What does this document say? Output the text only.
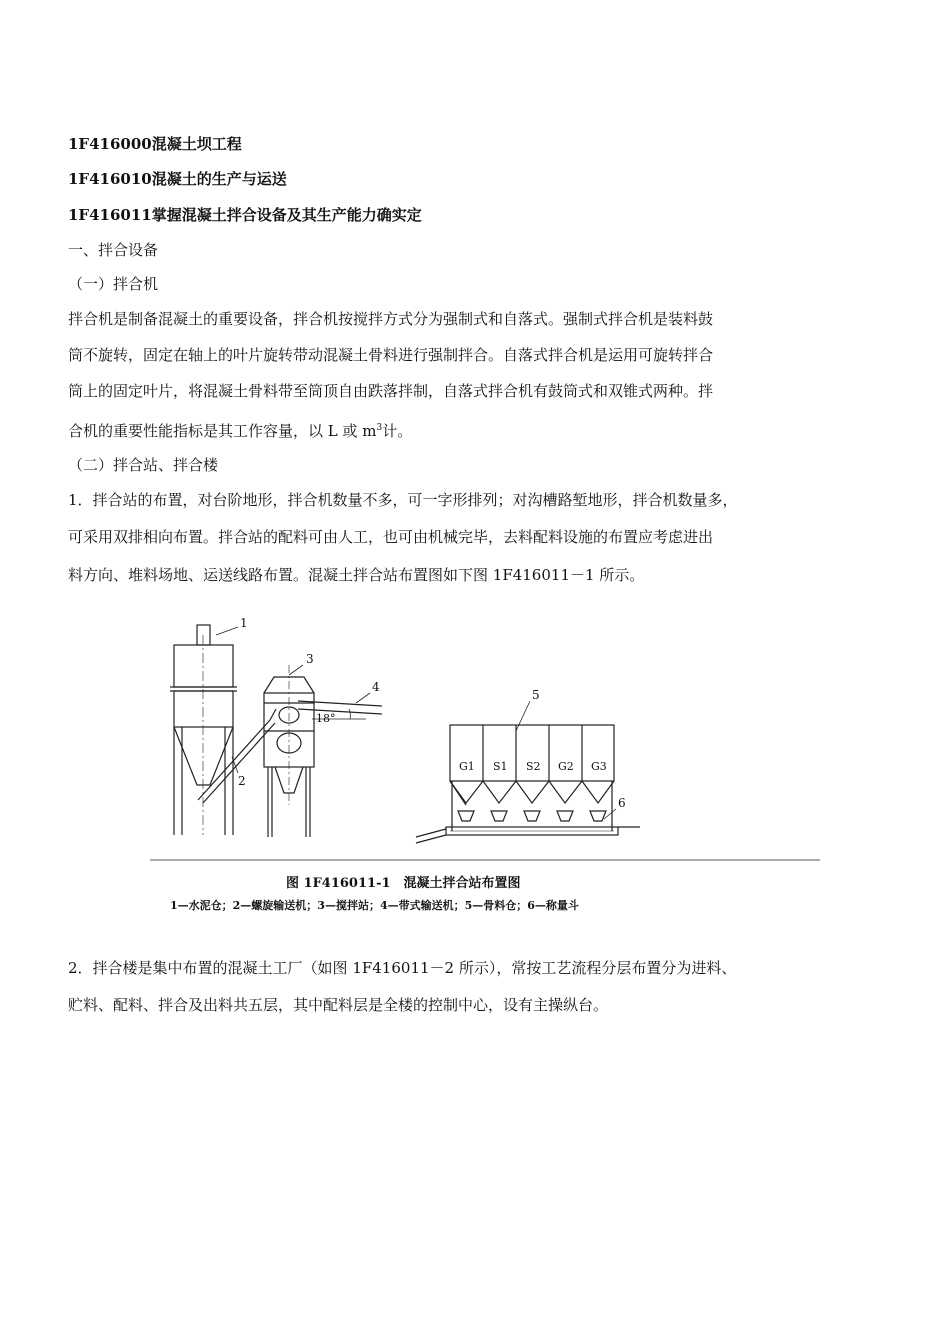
1F416000混凝土坝工程
1F416010混凝土的生产与运送
1F416011掌握混凝土拌合设备及其生产能力确实定
一、拌合设备
（一）拌合机
拌合机是制备混凝土的重要设备，拌合机按搅拌方式分为强制式和自落式。强制式拌合机是装料鼓
筒不旋转，固定在轴上的叶片旋转带动混凝土骨料进行强制拌合。自落式拌合机是运用可旋转拌合
筒上的固定叶片，将混凝土骨料带至筒顶自由跌落拌制，自落式拌合机有鼓筒式和双锥式两种。拌
合机的重要性能指标是其工作容量，以 L 或 $m^3$计。
（二）拌合站、拌合楼
1．拌合站的布置，对台阶地形，拌合机数量不多，可一字形排列；对沟槽路堑地形，拌合机数量多，
可采用双排相向布置。拌合站的配料可由人工，也可由机械完毕，去料配料设施的布置应考虑进出
料方向、堆料场地、运送线路布置。混凝土拌合站布置图如下图 1F416011－1 所示。
1
2
3
4
5
6
18°
G1 S1 S2 G2 G3
图 1F416011-1　混凝土拌合站布置图
1—水泥仓；2—螺旋输送机；3—搅拌站；4—带式输送机；5—骨料仓；6—称量斗
2．拌合楼是集中布置的混凝土工厂（如图 1F416011－2 所示），常按工艺流程分层布置分为进料、
贮料、配料、拌合及出料共五层，其中配料层是全楼的控制中心，设有主操纵台。
